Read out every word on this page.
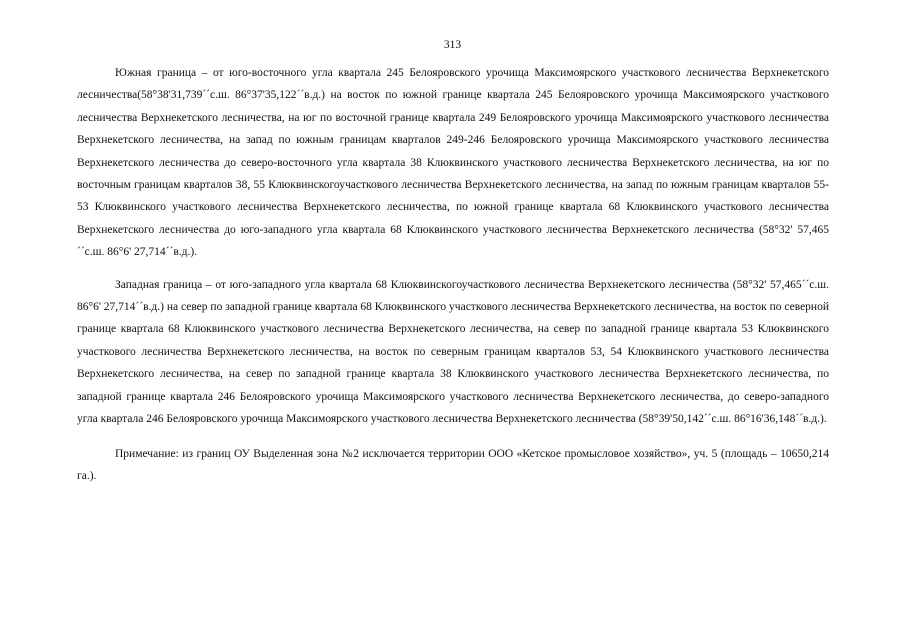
313

Южная граница – от юго-восточного угла квартала 245 Белояровского урочища Максимоярского участкового лесничества Верхнекетского лесничества(58°38'31,739´´с.ш. 86°37'35,122´´в.д.) на восток по южной границе квартала 245 Белояровского урочища Максимоярского участкового лесничества Верхнекетского лесничества, на юг по восточной границе квартала 249 Белояровского урочища Максимоярского участкового лесничества Верхнекетского лесничества, на запад по южным границам кварталов 249-246 Белояровского урочища Максимоярского участкового лесничества Верхнекетского лесничества до северо-восточного угла квартала 38 Клюквинского участкового лесничества Верхнекетского лесничества, на юг по восточным границам кварталов 38, 55 Клюквинскогоучасткового лесничества Верхнекетского лесничества, на запад по южным границам кварталов 55-53 Клюквинского участкового лесничества Верхнекетского лесничества, по южной границе квартала 68 Клюквинского участкового лесничества Верхнекетского лесничества до юго-западного угла квартала 68 Клюквинского участкового лесничества Верхнекетского лесничества (58°32' 57,465´´с.ш. 86°6' 27,714´´в.д.).

Западная граница – от юго-западного угла квартала 68 Клюквинскогоучасткового лесничества Верхнекетского лесничества (58°32' 57,465´´с.ш. 86°6' 27,714´´в.д.) на север по западной границе квартала 68 Клюквинского участкового лесничества Верхнекетского лесничества, на восток по северной границе квартала 68 Клюквинского участкового лесничества Верхнекетского лесничества, на север по западной границе квартала 53 Клюквинского участкового лесничества Верхнекетского лесничества, на восток по северным границам кварталов 53, 54 Клюквинского участкового лесничества Верхнекетского лесничества, на север по западной границе квартала 38 Клюквинского участкового лесничества Верхнекетского лесничества, по западной границе квартала 246 Белояровского урочища Максимоярского участкового лесничества Верхнекетского лесничества, до северо-западного угла квартала 246 Белояровского урочища Максимоярского участкового лесничества Верхнекетского лесничества (58°39'50,142´´с.ш. 86°16'36,148´´в.д.).

Примечание: из границ ОУ Выделенная зона №2 исключается территории ООО «Кетское промысловое хозяйство», уч. 5 (площадь – 10650,214 га.).
